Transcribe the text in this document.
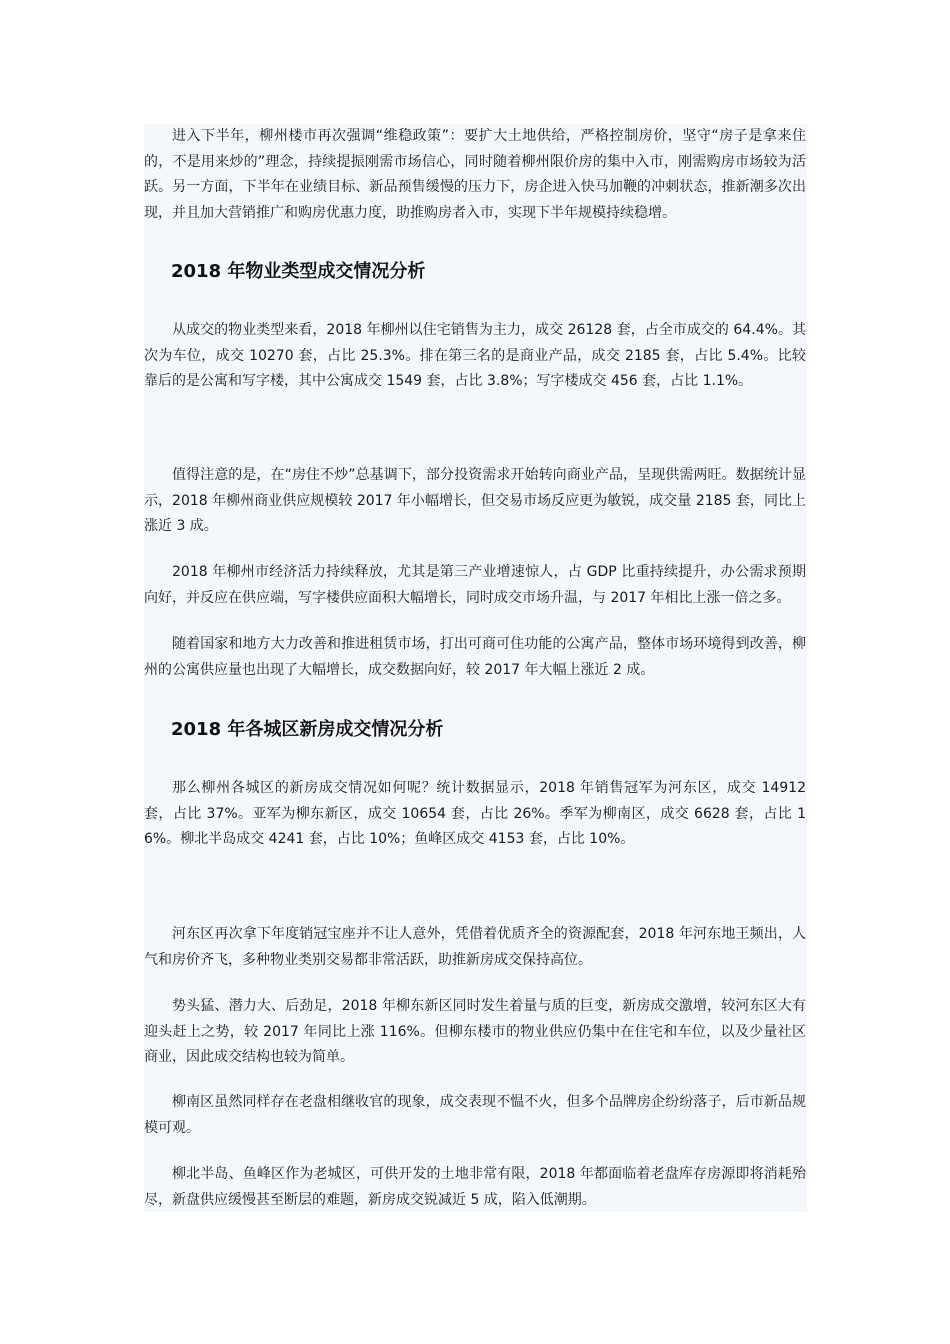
进入下半年，柳州楼市再次强调“维稳政策”：要扩大土地供给，严格控制房价，坚守“房子是拿来住的，不是用来炒的”理念，持续提振刚需市场信心，同时随着柳州限价房的集中入市，刚需购房市场较为活跃。另一方面，下半年在业绩目标、新品预售缓慢的压力下，房企进入快马加鞭的冲刺状态，推新潮多次出现，并且加大营销推广和购房优惠力度，助推购房者入市，实现下半年规模持续稳增。

2018 年物业类型成交情况分析

从成交的物业类型来看，2018 年柳州以住宅销售为主力，成交 26128 套，占全市成交的 64.4%。其次为车位，成交 10270 套，占比 25.3%。排在第三名的是商业产品，成交 2185 套，占比 5.4%。比较靠后的是公寓和写字楼，其中公寓成交 1549 套，占比 3.8%；写字楼成交 456 套，占比 1.1%。

值得注意的是，在“房住不炒”总基调下，部分投资需求开始转向商业产品，呈现供需两旺。数据统计显示，2018 年柳州商业供应规模较 2017 年小幅增长，但交易市场反应更为敏锐，成交量 2185 套，同比上涨近 3 成。

2018 年柳州市经济活力持续释放，尤其是第三产业增速惊人，占 GDP 比重持续提升，办公需求预期向好，并反应在供应端，写字楼供应面积大幅增长，同时成交市场升温，与 2017 年相比上涨一倍之多。

随着国家和地方大力改善和推进租赁市场，打出可商可住功能的公寓产品，整体市场环境得到改善，柳州的公寓供应量也出现了大幅增长，成交数据向好，较 2017 年大幅上涨近 2 成。

2018 年各城区新房成交情况分析

那么柳州各城区的新房成交情况如何呢？统计数据显示，2018 年销售冠军为河东区，成交 14912 套，占比 37%。亚军为柳东新区，成交 10654 套，占比 26%。季军为柳南区，成交 6628 套，占比 16%。柳北半岛成交 4241 套，占比 10%；鱼峰区成交 4153 套，占比 10%。

河东区再次拿下年度销冠宝座并不让人意外，凭借着优质齐全的资源配套，2018 年河东地王频出，人气和房价齐飞，多种物业类别交易都非常活跃，助推新房成交保持高位。

势头猛、潜力大、后劲足，2018 年柳东新区同时发生着量与质的巨变，新房成交激增，较河东区大有迎头赶上之势，较 2017 年同比上涨 116%。但柳东楼市的物业供应仍集中在住宅和车位，以及少量社区商业，因此成交结构也较为简单。

柳南区虽然同样存在老盘相继收官的现象，成交表现不愠不火，但多个品牌房企纷纷落子，后市新品规模可观。

柳北半岛、鱼峰区作为老城区，可供开发的土地非常有限，2018 年都面临着老盘库存房源即将消耗殆尽，新盘供应缓慢甚至断层的难题，新房成交锐减近 5 成，陷入低潮期。
